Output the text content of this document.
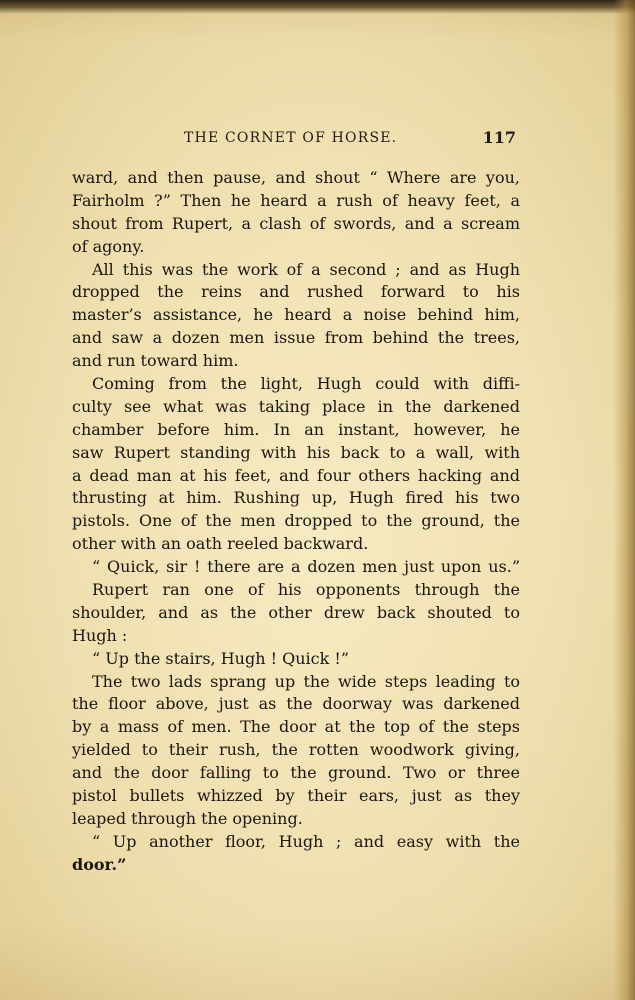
THE CORNET OF HORSE.	117
ward, and then pause, and shout “ Where are you,
Fairholm ?” Then he heard a rush of heavy feet, a
shout from Rupert, a clash of swords, and a scream
of agony.
All this was the work of a second ; and as Hugh
dropped the reins and rushed forward to his
master’s assistance, he heard a noise behind him,
and saw a dozen men issue from behind the trees,
and run toward him.
Coming from the light, Hugh could with diffi-
culty see what was taking place in the darkened
chamber before him. In an instant, however, he
saw Rupert standing with his back to a wall, with
a dead man at his feet, and four others hacking and
thrusting at him. Rushing up, Hugh fired his two
pistols. One of the men dropped to the ground, the
other with an oath reeled backward.
“ Quick, sir ! there are a dozen men just upon us.”
Rupert ran one of his opponents through the
shoulder, and as the other drew back shouted to
Hugh :
“ Up the stairs, Hugh ! Quick !”
The two lads sprang up the wide steps leading to
the floor above, just as the doorway was darkened
by a mass of men. The door at the top of the steps
yielded to their rush, the rotten woodwork giving,
and the door falling to the ground. Two or three
pistol bullets whizzed by their ears, just as they
leaped through the opening.
“ Up another floor, Hugh ; and easy with the
door.”
